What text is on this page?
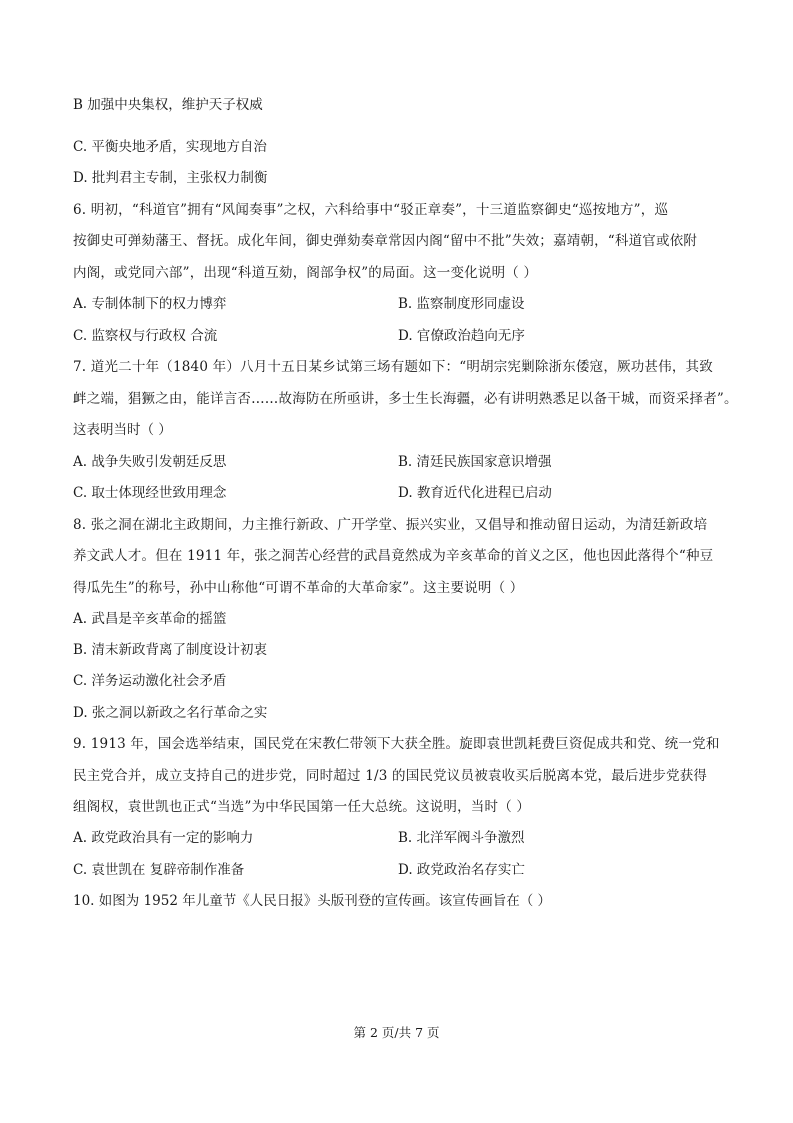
B 加强中央集权，维护天子权威
C. 平衡央地矛盾，实现地方自治
D. 批判君主专制，主张权力制衡
6. 明初，“科道官”拥有“风闻奏事”之权，六科给事中“驳正章奏”，十三道监察御史“巡按地方”，巡
按御史可弹劾藩王、督抚。成化年间，御史弹劾奏章常因内阁“留中不批”失效；嘉靖朝，“科道官或依附
内阁，或党同六部”，出现“科道互劾，阁部争权”的局面。这一变化说明（ ）
A. 专制体制下的权力博弈	B. 监察制度形同虚设
C. 监察权与行政权 合流	D. 官僚政治趋向无序
7. 道光二十年（1840 年）八月十五日某乡试第三场有题如下：“明胡宗宪剿除浙东倭寇，厥功甚伟，其致
衅之端，猖獗之由，能详言否……故海防在所亟讲，多士生长海疆，必有讲明熟悉足以备干城，而资采择者”。
这表明当时（ ）
A. 战争失败引发朝廷反思	B. 清廷民族国家意识增强
C. 取士体现经世致用理念	D. 教育近代化进程已启动
8. 张之洞在湖北主政期间，力主推行新政、广开学堂、振兴实业，又倡导和推动留日运动，为清廷新政培
养文武人才。但在 1911 年，张之洞苦心经营的武昌竟然成为辛亥革命的首义之区，他也因此落得个“种豆
得瓜先生”的称号，孙中山称他“可谓不革命的大革命家”。这主要说明（ ）
A. 武昌是辛亥革命的摇篮
B. 清末新政背离了制度设计初衷
C. 洋务运动激化社会矛盾
D. 张之洞以新政之名行革命之实
9. 1913 年，国会选举结束，国民党在宋教仁带领下大获全胜。旋即袁世凯耗费巨资促成共和党、统一党和
民主党合并，成立支持自己的进步党，同时超过 1/3 的国民党议员被袁收买后脱离本党，最后进步党获得
组阁权，袁世凯也正式“当选”为中华民国第一任大总统。这说明，当时（ ）
A. 政党政治具有一定的影响力	B. 北洋军阀斗争激烈
C. 袁世凯在 复辟帝制作准备	D. 政党政治名存实亡
10. 如图为 1952 年儿童节《人民日报》头版刊登的宣传画。该宣传画旨在（ ）
第 2 页/共 7 页
